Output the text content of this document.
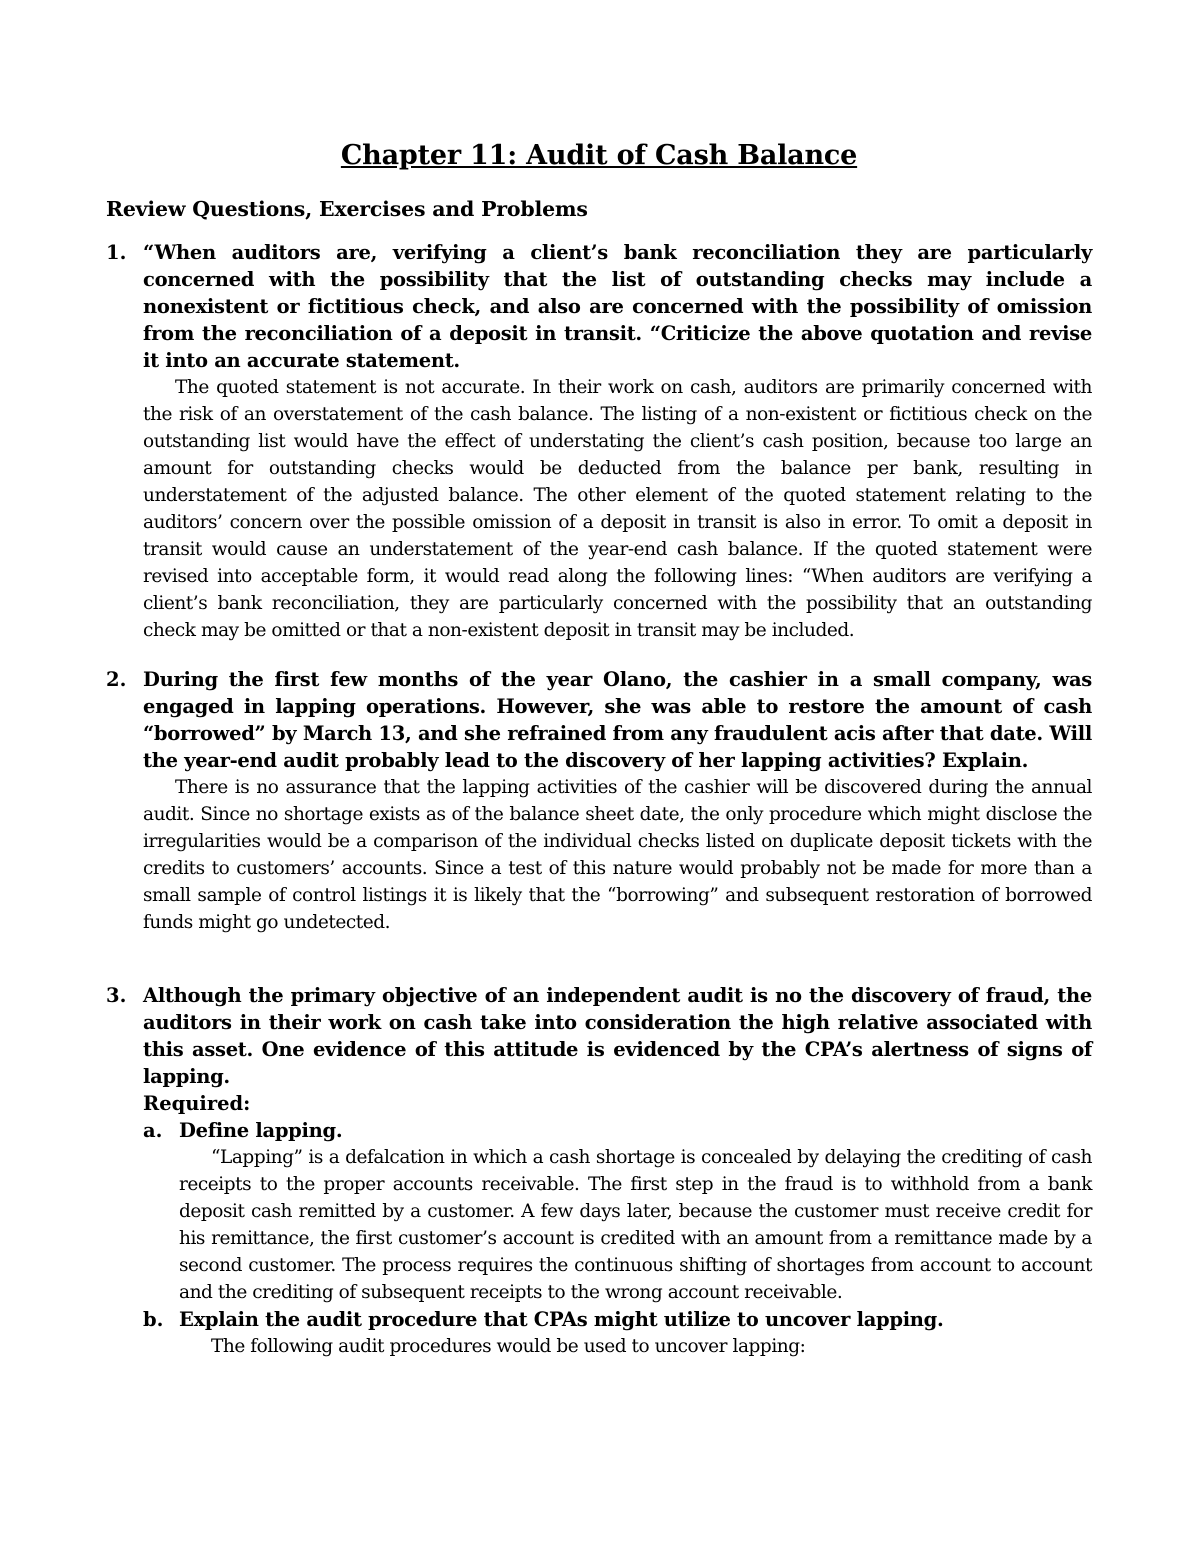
Chapter 11: Audit of Cash Balance
Review Questions, Exercises and Problems
1. “When auditors are, verifying a client’s bank reconciliation they are particularly concerned with the possibility that the list of outstanding checks may include a nonexistent or fictitious check, and also are concerned with the possibility of omission from the reconciliation of a deposit in transit. “Criticize the above quotation and revise it into an accurate statement.

The quoted statement is not accurate. In their work on cash, auditors are primarily concerned with the risk of an overstatement of the cash balance. The listing of a non-existent or fictitious check on the outstanding list would have the effect of understating the client’s cash position, because too large an amount for outstanding checks would be deducted from the balance per bank, resulting in understatement of the adjusted balance. The other element of the quoted statement relating to the auditors’ concern over the possible omission of a deposit in transit is also in error. To omit a deposit in transit would cause an understatement of the year-end cash balance. If the quoted statement were revised into acceptable form, it would read along the following lines: “When auditors are verifying a client’s bank reconciliation, they are particularly concerned with the possibility that an outstanding check may be omitted or that a non-existent deposit in transit may be included.

2. During the first few months of the year Olano, the cashier in a small company, was engaged in lapping operations. However, she was able to restore the amount of cash “borrowed” by March 13, and she refrained from any fraudulent acis after that date. Will the year-end audit probably lead to the discovery of her lapping activities? Explain.

There is no assurance that the lapping activities of the cashier will be discovered during the annual audit. Since no shortage exists as of the balance sheet date, the only procedure which might disclose the irregularities would be a comparison of the individual checks listed on duplicate deposit tickets with the credits to customers’ accounts. Since a test of this nature would probably not be made for more than a small sample of control listings it is likely that the “borrowing” and subsequent restoration of borrowed funds might go undetected.

3. Although the primary objective of an independent audit is no the discovery of fraud, the auditors in their work on cash take into consideration the high relative associated with this asset. One evidence of this attitude is evidenced by the CPA’s alertness of signs of lapping.

Required:

a. Define lapping.

“Lapping” is a defalcation in which a cash shortage is concealed by delaying the crediting of cash receipts to the proper accounts receivable. The first step in the fraud is to withhold from a bank deposit cash remitted by a customer. A few days later, because the customer must receive credit for his remittance, the first customer’s account is credited with an amount from a remittance made by a second customer. The process requires the continuous shifting of shortages from account to account and the crediting of subsequent receipts to the wrong account receivable.

b. Explain the audit procedure that CPAs might utilize to uncover lapping.

The following audit procedures would be used to uncover lapping:
